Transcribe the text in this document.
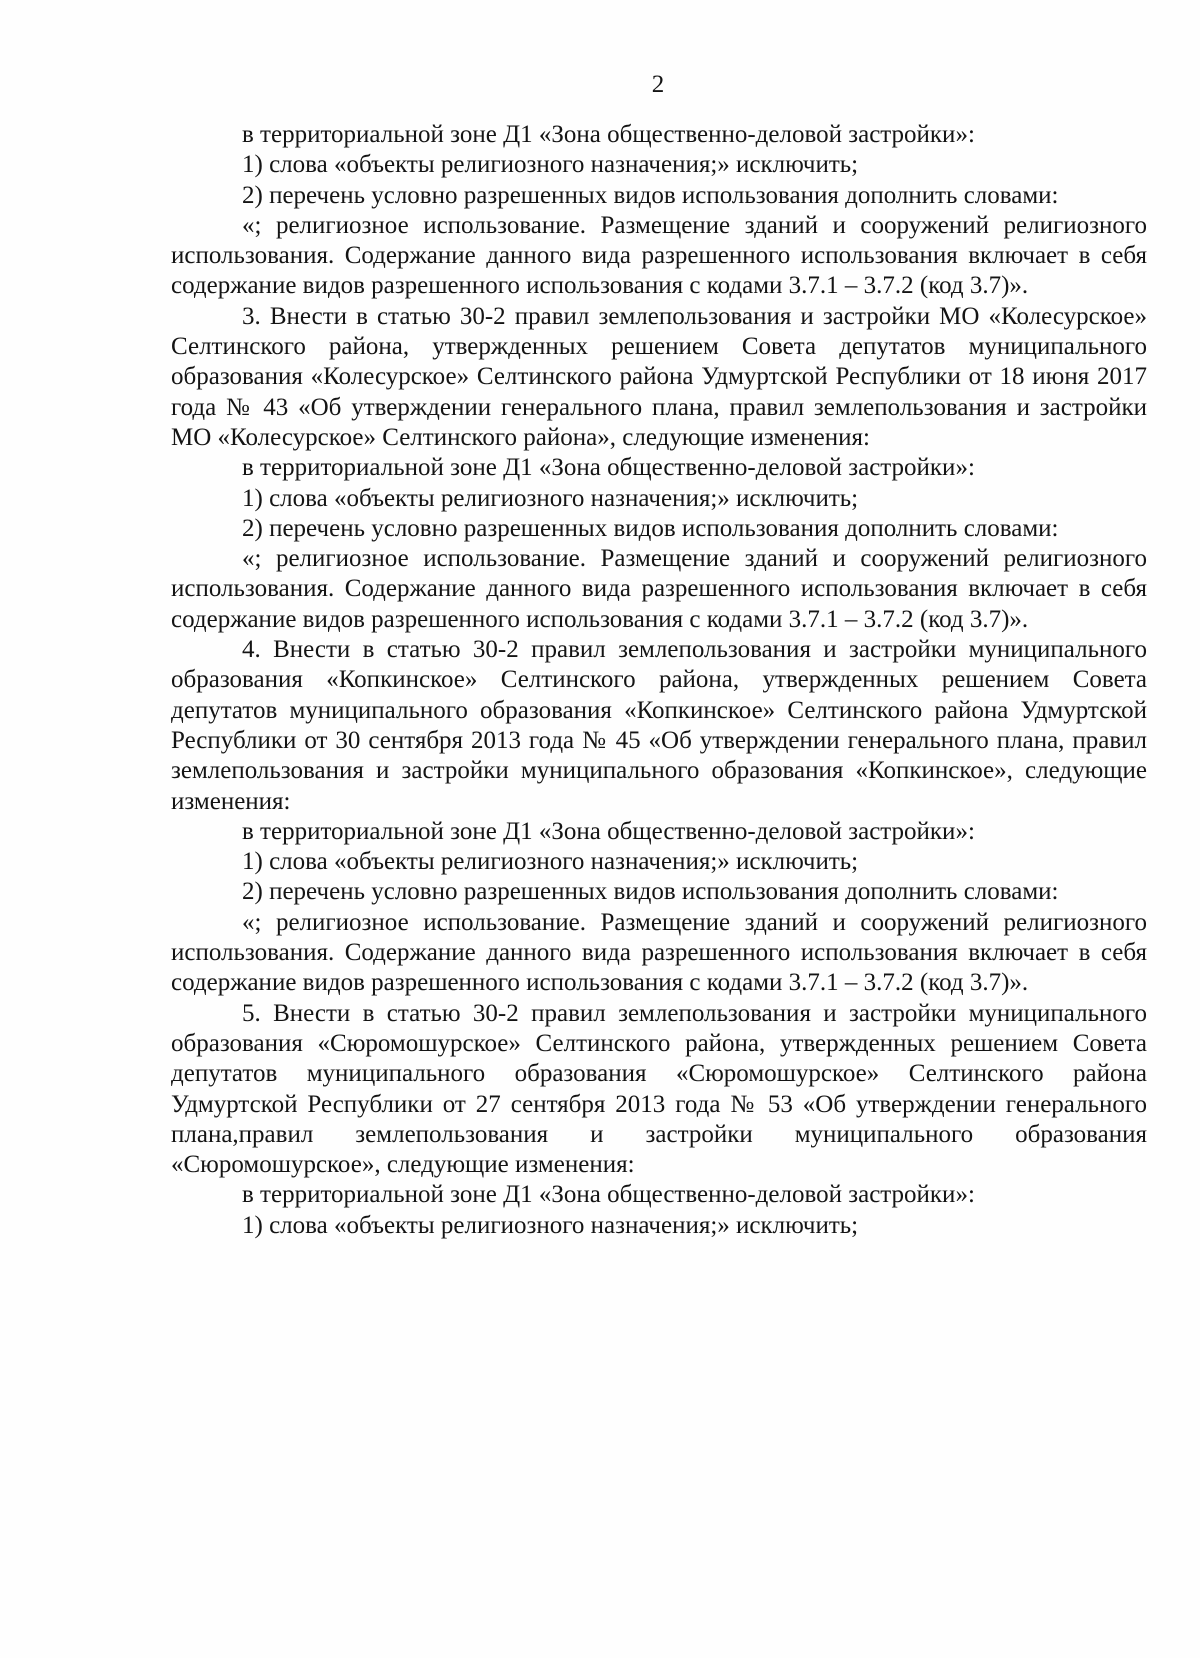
2

в территориальной зоне Д1 «Зона общественно-деловой застройки»:

1) слова «объекты религиозного назначения;» исключить;

2) перечень условно разрешенных видов использования дополнить словами:

«; религиозное использование. Размещение зданий и сооружений религиозного использования. Содержание данного вида разрешенного использования включает в себя содержание видов разрешенного использования с кодами 3.7.1 – 3.7.2 (код 3.7)».

3. Внести в статью 30-2 правил землепользования и застройки МО «Колесурское» Селтинского района, утвержденных решением Совета депутатов муниципального образования «Колесурское» Селтинского района Удмуртской Республики от 18 июня 2017 года № 43 «Об утверждении генерального плана, правил землепользования и застройки МО «Колесурское» Селтинского района», следующие изменения:

в территориальной зоне Д1 «Зона общественно-деловой застройки»:

1) слова «объекты религиозного назначения;» исключить;

2) перечень условно разрешенных видов использования дополнить словами:

«; религиозное использование. Размещение зданий и сооружений религиозного использования. Содержание данного вида разрешенного использования включает в себя содержание видов разрешенного использования с кодами 3.7.1 – 3.7.2 (код 3.7)».

4. Внести в статью 30-2 правил землепользования и застройки муниципального образования «Копкинское» Селтинского района, утвержденных решением Совета депутатов муниципального образования «Копкинское» Селтинского района Удмуртской Республики от 30 сентября 2013 года № 45 «Об утверждении генерального плана, правил землепользования и застройки муниципального образования «Копкинское», следующие изменения:

в территориальной зоне Д1 «Зона общественно-деловой застройки»:

1) слова «объекты религиозного назначения;» исключить;

2) перечень условно разрешенных видов использования дополнить словами:

«; религиозное использование. Размещение зданий и сооружений религиозного использования. Содержание данного вида разрешенного использования включает в себя содержание видов разрешенного использования с кодами 3.7.1 – 3.7.2 (код 3.7)».

5. Внести в статью 30-2 правил землепользования и застройки муниципального образования «Сюромошурское» Селтинского района, утвержденных решением Совета депутатов муниципального образования «Сюромошурское» Селтинского района Удмуртской Республики от 27 сентября 2013 года № 53 «Об утверждении генерального плана,правил землепользования и застройки муниципального образования «Сюромошурское», следующие изменения:

в территориальной зоне Д1 «Зона общественно-деловой застройки»:

1) слова «объекты религиозного назначения;» исключить;
